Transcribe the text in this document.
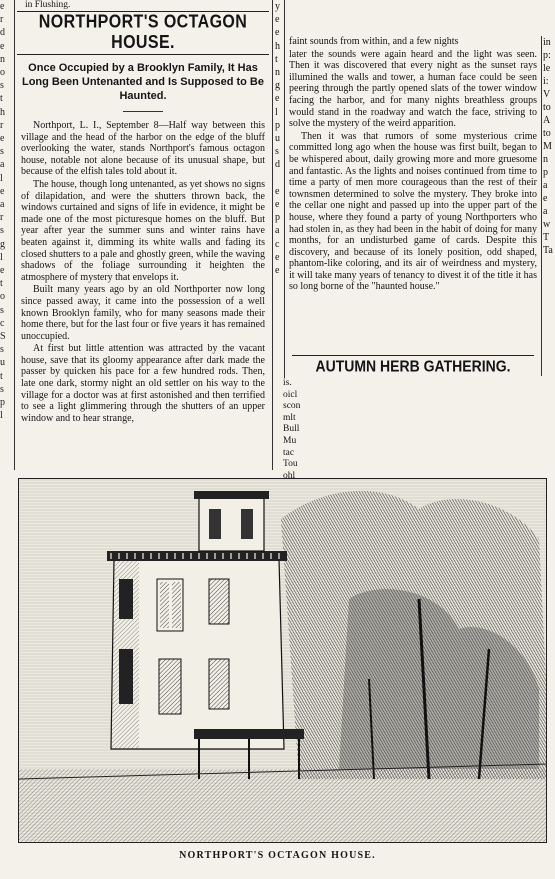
e
r
d
e
n
o
s
t
h
r
e
s
a
l
e
a
r
s
g
l
e
t
o
s
c
S
s
u
t
s
p
l
in Flushing.
NORTHPORT'S OCTAGON HOUSE.
Once Occupied by a Brooklyn Family, It Has Long Been Untenanted and Is Supposed to Be Haunted.

Northport, L. I., September 8—Half way between this village and the head of the harbor on the edge of the bluff overlooking the water, stands Northport's famous octagon house, notable not alone because of its unusual shape, but because of the elfish tales told about it.

The house, though long untenanted, as yet shows no signs of dilapidation, and were the shutters thrown back, the windows curtained and signs of life in evidence, it might be made one of the most picturesque homes on the bluff. But year after year the summer suns and winter rains have beaten against it, dimming its white walls and fading its closed shutters to a pale and ghostly green, while the waving shadows of the foliage surrounding it heighten the atmosphere of mystery that envelops it.

Built many years ago by an old Northporter now long since passed away, it came into the possession of a well known Brooklyn family, who for many seasons made their home there, but for the last four or five years it has remained unoccupied.

At first but little attention was attracted by the vacant house, save that its gloomy appearance after dark made the passer by quicken his pace for a few hundred rods. Then, late one dark, stormy night an old settler on his way to the village for a doctor was at first astonished and then terrified to see a light glimmering through the shutters of an upper window and to hear strange,

y
e
e
h
t
n
g
e
l
p
u
s
d

e
e
p
a
c
e
e
is.
oicl
scon
mlt
Bull
Mu
tac
Tou
ohl

faint sounds from within, and a few nights

later the sounds were again heard and the light was seen. Then it was discovered that every night as the sunset rays illumined the walls and tower, a human face could be seen peering through the partly opened slats of the tower window facing the harbor, and for many nights breathless groups would stand in the roadway and watch the face, striving to solve the mystery of the weird apparition.

Then it was that rumors of some mysterious crime committed long ago when the house was first built, began to be whispered about, daily growing more and more gruesome and fantastic. As the lights and noises continued from time to time a party of men more courageous than the rest of their townsmen determined to solve the mystery. They broke into the cellar one night and passed up into the upper part of the house, where they found a party of young Northporters who had stolen in, as they had been in the habit of doing for many months, for an undisturbed game of cards. Despite this discovery, and because of its lonely position, odd shaped, phantom-like coloring, and its air of weirdness and mystery, it will take many years of tenancy to divest it of the title it has so long borne of the "haunted house."

AUTUMN HERB GATHERING.
in
p:
le
i:
V
to
A
to
M
n
p
a
e
a
w
T
Ta
NORTHPORT'S OCTAGON HOUSE.
